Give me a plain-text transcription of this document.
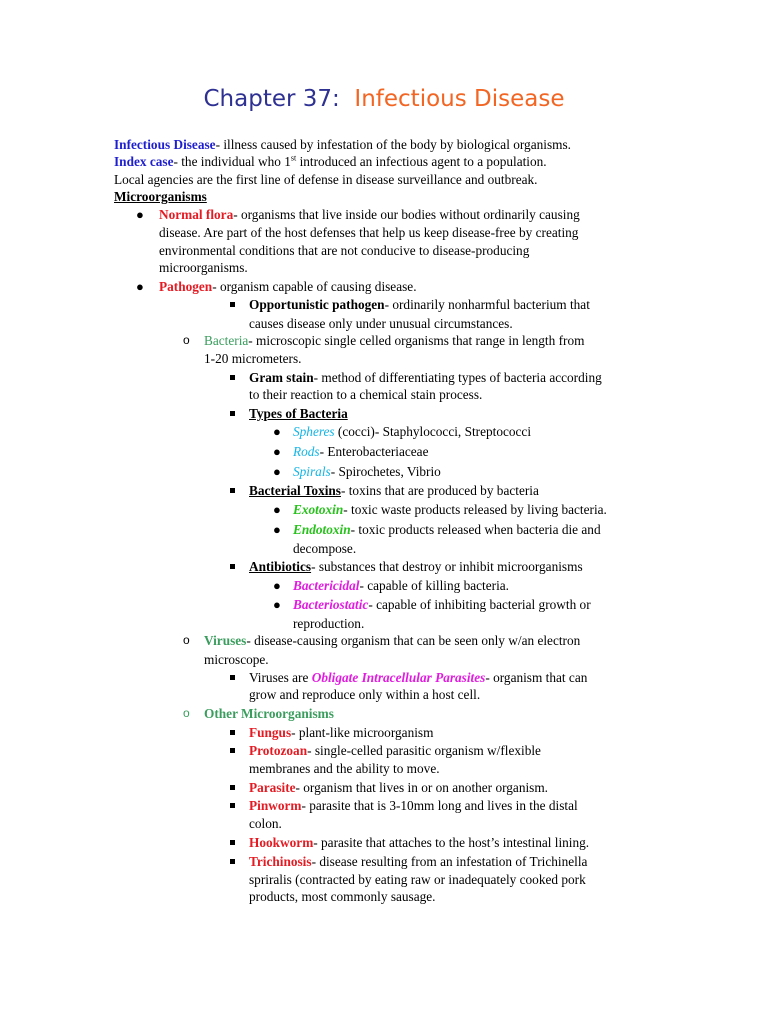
Chapter 37: Infectious Disease
Infectious Disease- illness caused by infestation of the body by biological organisms.
Index case- the individual who 1st introduced an infectious agent to a population.
Local agencies are the first line of defense in disease surveillance and outbreak.
Microorganisms
● Normal flora- organisms that live inside our bodies without ordinarily causing
disease. Are part of the host defenses that help us keep disease-free by creating
environmental conditions that are not conducive to disease-producing
microorganisms.
● Pathogen- organism capable of causing disease.
Opportunistic pathogen- ordinarily nonharmful bacterium that
causes disease only under unusual circumstances.
o Bacteria- microscopic single celled organisms that range in length from
1-20 micrometers.
Gram stain- method of differentiating types of bacteria according
to their reaction to a chemical stain process.
Types of Bacteria
● Spheres (cocci)- Staphylococci, Streptococci
● Rods- Enterobacteriaceae
● Spirals- Spirochetes, Vibrio
Bacterial Toxins- toxins that are produced by bacteria
● Exotoxin- toxic waste products released by living bacteria.
● Endotoxin- toxic products released when bacteria die and
decompose.
Antibiotics- substances that destroy or inhibit microorganisms
● Bactericidal- capable of killing bacteria.
● Bacteriostatic- capable of inhibiting bacterial growth or
reproduction.
o Viruses- disease-causing organism that can be seen only w/an electron
microscope.
Viruses are Obligate Intracellular Parasites- organism that can
grow and reproduce only within a host cell.
o Other Microorganisms
Fungus- plant-like microorganism
Protozoan- single-celled parasitic organism w/flexible
membranes and the ability to move.
Parasite- organism that lives in or on another organism.
Pinworm- parasite that is 3-10mm long and lives in the distal
colon.
Hookworm- parasite that attaches to the host’s intestinal lining.
Trichinosis- disease resulting from an infestation of Trichinella
spriralis (contracted by eating raw or inadequately cooked pork
products, most commonly sausage.
